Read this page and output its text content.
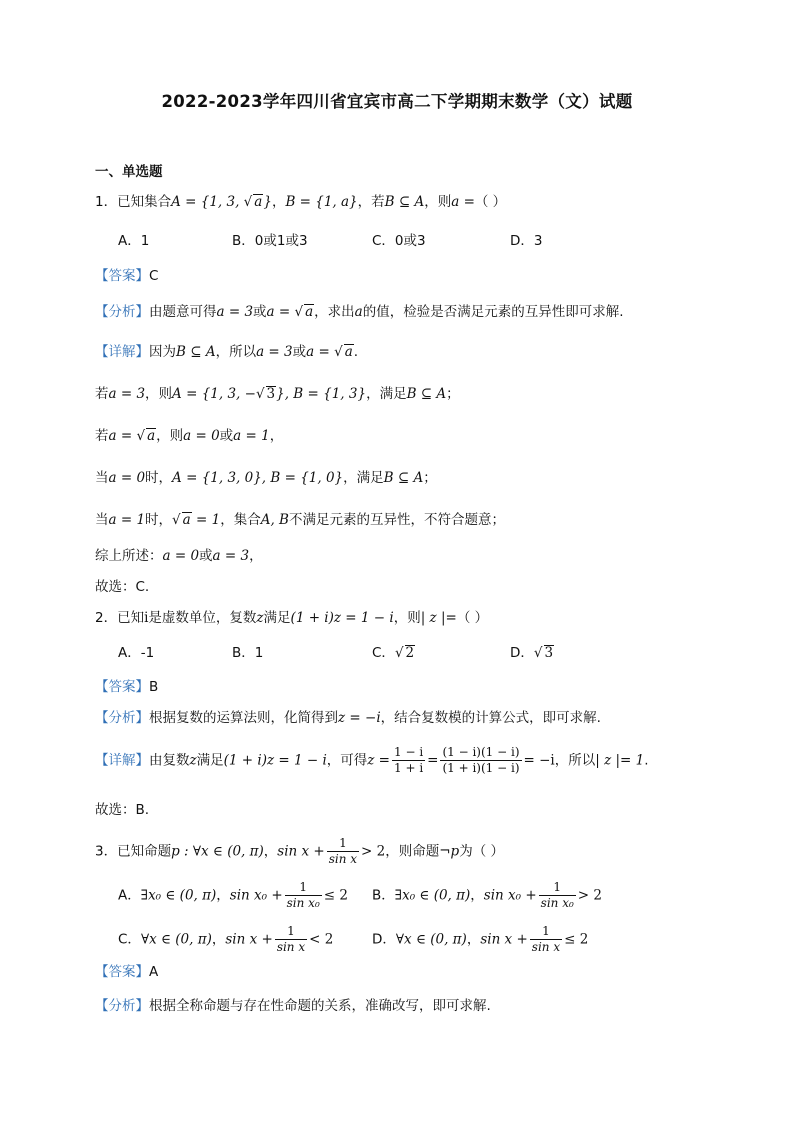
2022-2023学年四川省宜宾市高二下学期期末数学（文）试题
一、单选题
1．已知集合A = {1, 3, √ a}，B = {1, a}，若B ⊆ A，则a =（ ）
A．1	B．0或1或3	C．0或3	D．3
【答案】C
【分析】由题意可得a = 3或a = √ a，求出a的值，检验是否满足元素的互异性即可求解.
【详解】因为B ⊆ A，所以a = 3或a = √ a.
若a = 3，则A = {1, 3, −√ 3}, B = {1, 3}，满足B ⊆ A；
若a = √ a，则a = 0或a = 1，
当a = 0时，A = {1, 3, 0}, B = {1, 0}，满足B ⊆ A；
当a = 1时，√ a = 1，集合A, B不满足元素的互异性，不符合题意；
综上所述：a = 0或a = 3，
故选：C.
2．已知i是虚数单位，复数z满足(1 + i)z = 1 − i，则| z |=（ ）
A．-1	B．1	C．√ 2	D．√ 3
【答案】B
【分析】根据复数的运算法则，化简得到z = −i，结合复数模的计算公式，即可求解.
【详解】由复数z满足(1 + i)z = 1 − i，可得$z = \frac{1 - i}{1 + i} = \frac{(1 - i)(1 - i)}{(1 + i)(1 - i)} = -i$，所以| z |= 1.
故选：B.
3．已知命题p : ∀x ∈ (0, π)，$\sin x + \frac{1}{\text{sin x}} > 2$，则命题¬p为（ ）
A．∃x₀ ∈ (0, π)，$\sin x_0 + \frac{1}{\text{sin x₀}} \le 2$ B．∃x₀ ∈ (0, π)，$\sin x_0 + \frac{1}{\text{sin x₀}} > 2$
C．∀x ∈ (0, π)，$\sin x + \frac{1}{\text{sin x}} < 2$	D．∀x ∈ (0, π)，$\sin x + \frac{1}{\text{sin x}} \le 2$
【答案】A
【分析】根据全称命题与存在性命题的关系，准确改写，即可求解.
